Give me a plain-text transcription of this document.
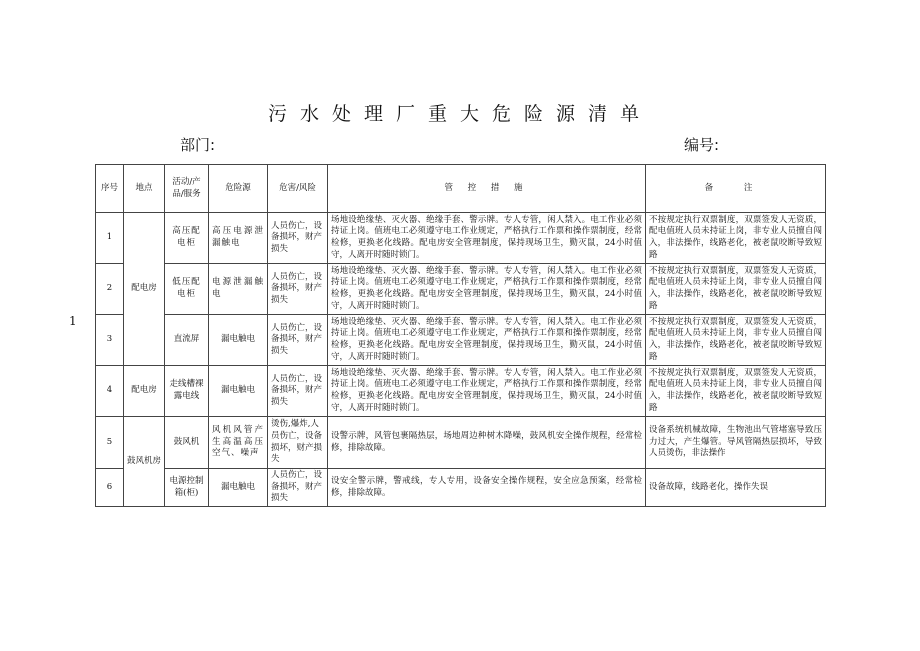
污水处理厂重大危险源清单
部门:	编号:
1
序号	地点	活动/产品/服务	危险源	危害/风险	管 控 措 施	备 注
1	配电房	高压配电柜	高压电源泄漏触电	人员伤亡，设备损坏，财产损失	场地设绝缘垫、灭火器、绝缘手套、警示牌。专人专管，闲人禁入。电工作业必须持证上岗。值班电工必须遵守电工作业规定，严格执行工作票和操作票制度，经常检修，更换老化线路。配电房安全管理制度，保持现场卫生，勤灭鼠，24小时值守，人离开时随时锁门。	不按规定执行双票制度，双票签发人无资质，配电值班人员未持证上岗，非专业人员擅自闯入，非法操作，线路老化，被老鼠咬断导致短路
2		低压配电柜	电源泄漏触电	人员伤亡，设备损坏，财产损失	场地设绝缘垫、灭火器、绝缘手套、警示牌。专人专管，闲人禁入。电工作业必须持证上岗。值班电工必须遵守电工作业规定，严格执行工作票和操作票制度，经常检修，更换老化线路。配电房安全管理制度，保持现场卫生，勤灭鼠，24小时值守，人离开时随时锁门。	不按规定执行双票制度，双票签发人无资质，配电值班人员未持证上岗，非专业人员擅自闯入，非法操作，线路老化，被老鼠咬断导致短路
3		直流屏	漏电触电	人员伤亡，设备损坏，财产损失	场地设绝缘垫、灭火器、绝缘手套、警示牌。专人专管，闲人禁入。电工作业必须持证上岗。值班电工必须遵守电工作业规定，严格执行工作票和操作票制度，经常检修，更换老化线路。配电房安全管理制度，保持现场卫生，勤灭鼠，24小时值守，人离开时随时锁门。	不按规定执行双票制度，双票签发人无资质，配电值班人员未持证上岗，非专业人员擅自闯入，非法操作，线路老化，被老鼠咬断导致短路
4	配电房	走线槽裸露电线	漏电触电	人员伤亡，设备损坏，财产损失	场地设绝缘垫、灭火器、绝缘手套、警示牌。专人专管，闲人禁入。电工作业必须持证上岗。值班电工必须遵守电工作业规定，严格执行工作票和操作票制度，经常检修，更换老化线路。配电房安全管理制度，保持现场卫生，勤灭鼠，24小时值守，人离开时随时锁门。	不按规定执行双票制度，双票签发人无资质，配电值班人员未持证上岗，非专业人员擅自闯入，非法操作，线路老化，被老鼠咬断导致短路
5	鼓风机房	鼓风机	风机风管产生高温高压空气、噪声	烫伤,爆炸,人员伤亡，设备损坏，财产损失	设警示牌，风管包裹隔热层，场地周边种树木降噪，鼓风机安全操作规程，经常检修，排除故障。	设备系统机械故障，生物池出气管堵塞导致压力过大，产生爆管。导风管隔热层损坏，导致人员烫伤，非法操作
6		电源控制箱(柜)	漏电触电	人员伤亡，设备损坏，财产损失	设安全警示牌，警戒线，专人专用，设备安全操作规程，安全应急预案，经常检修，排除故障。	设备故障，线路老化，操作失误
